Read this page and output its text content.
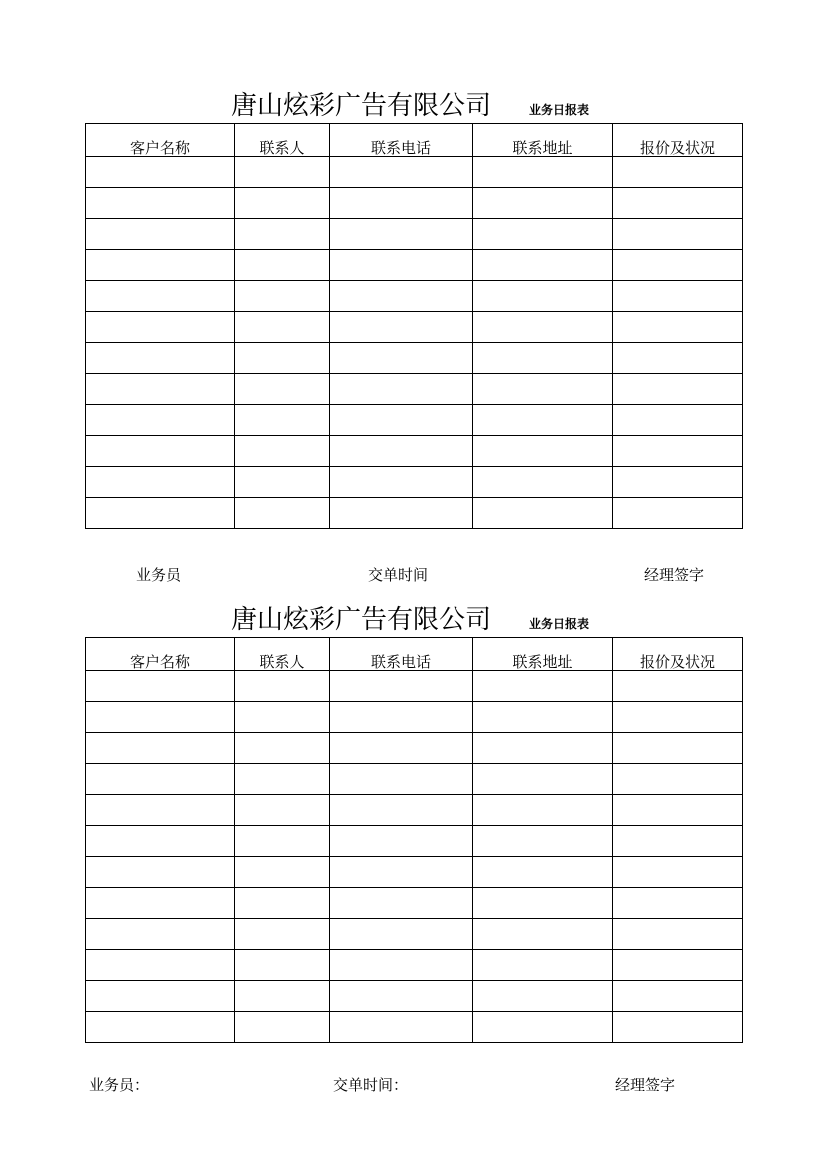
唐山炫彩广告有限公司	业务日报表
客户名称	联系人	联系电话	联系地址	报价及状况

业务员	交单时间	经理签字
唐山炫彩广告有限公司	业务日报表
客户名称	联系人	联系电话	联系地址	报价及状况

业务员：	交单时间：	经理签字
